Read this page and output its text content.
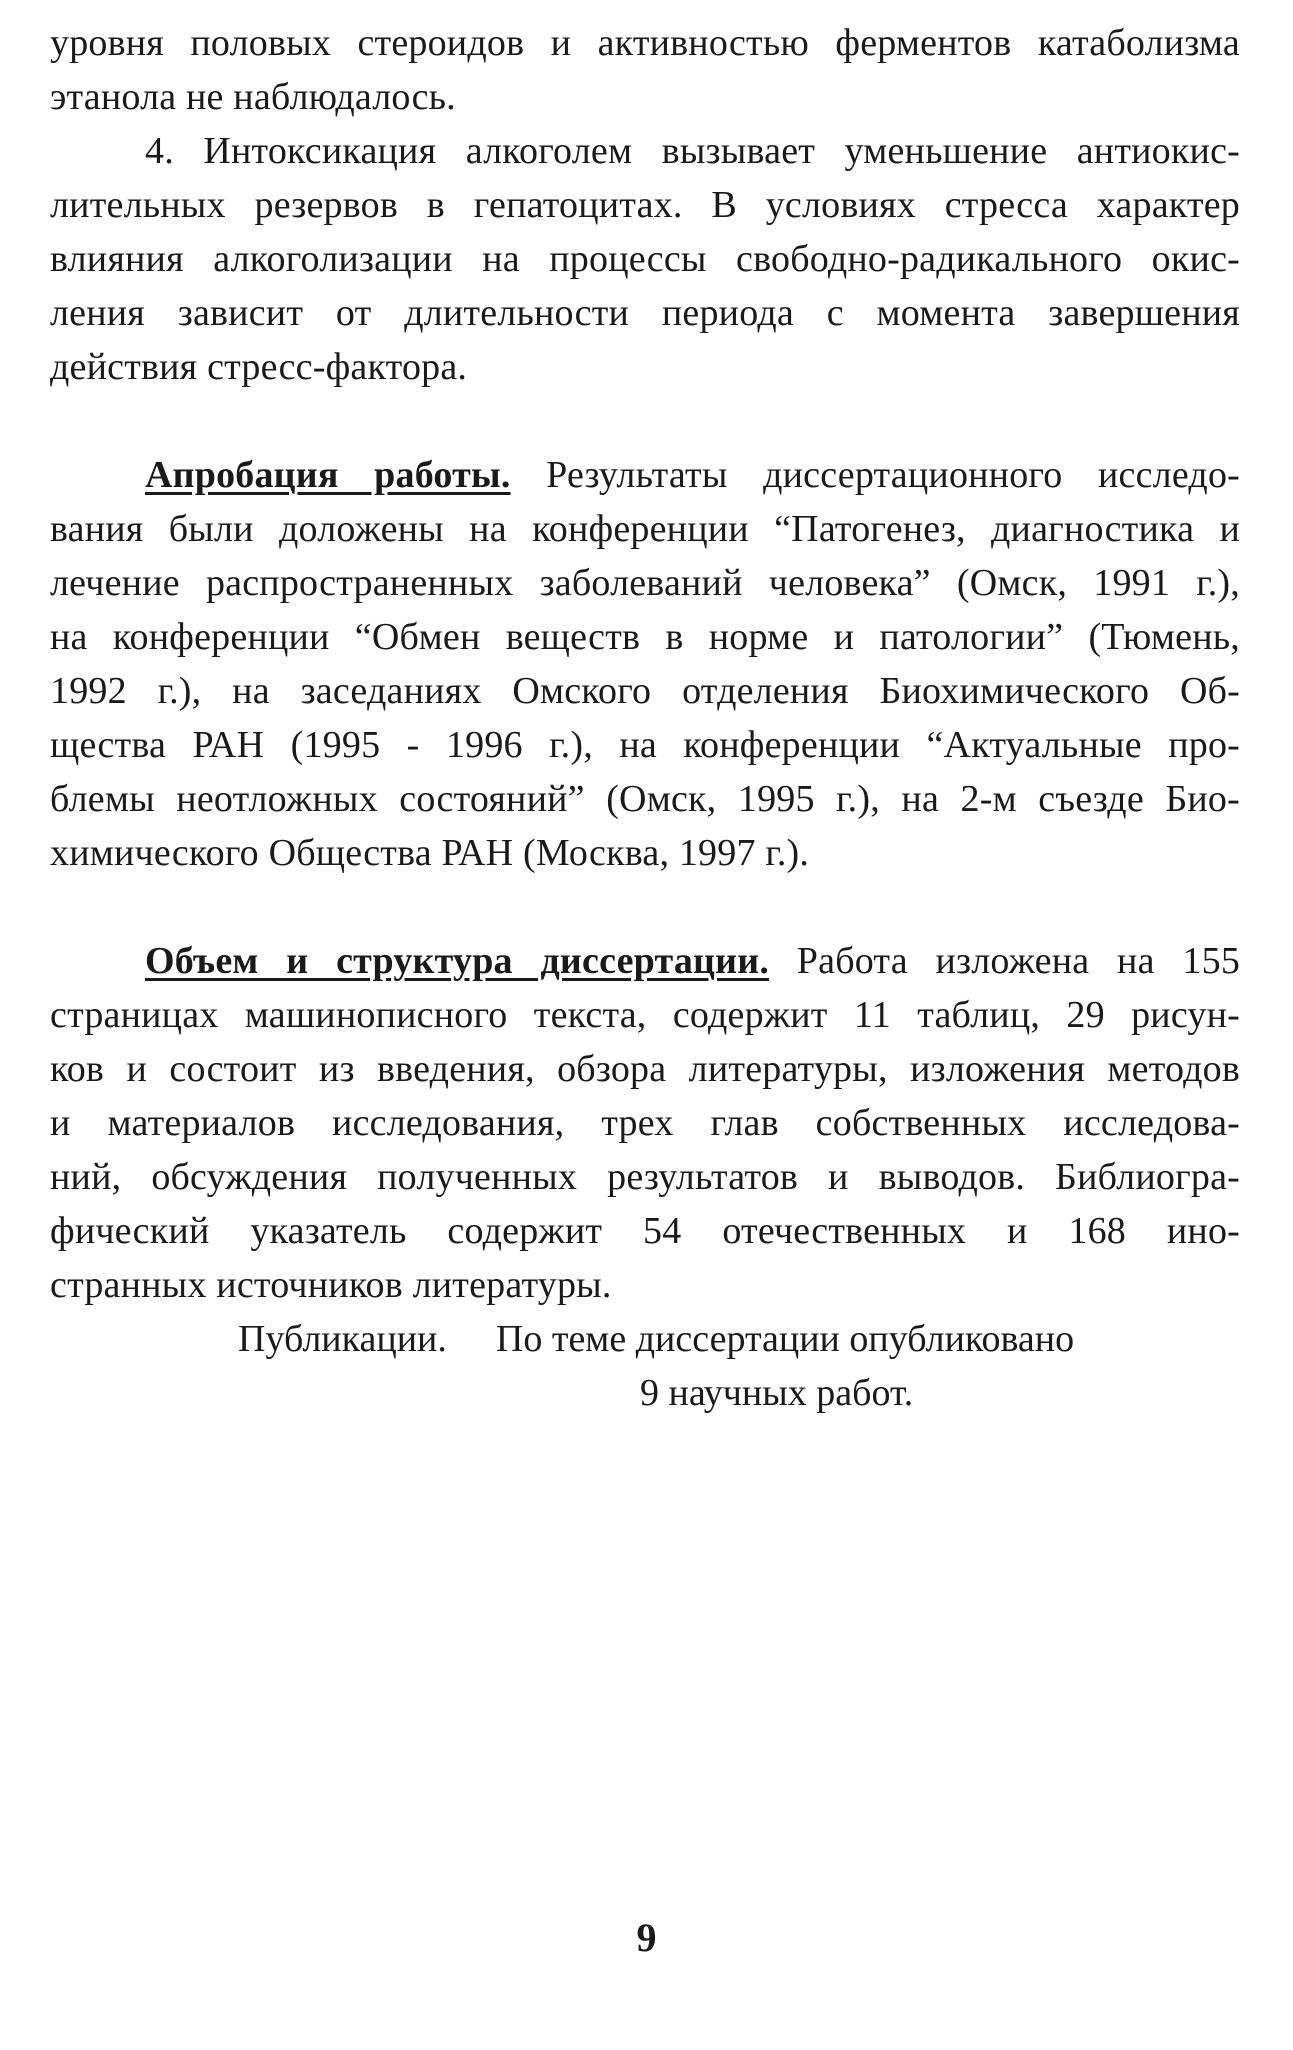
уровня половых стероидов и активностью ферментов катаболизма
этанола не наблюдалось.
4. Интоксикация алкоголем вызывает уменьшение антиокис-
лительных резервов в гепатоцитах. В условиях стресса характер
влияния алкоголизации на процессы свободно-радикального окис-
ления зависит от длительности периода с момента завершения
действия стресс-фактора.
Апробация работы. Результаты диссертационного исследо-
вания были доложены на конференции “Патогенез, диагностика и
лечение распространенных заболеваний человека” (Омск, 1991 г.),
на конференции “Обмен веществ в норме и патологии” (Тюмень,
1992 г.), на заседаниях Омского отделения Биохимического Об-
щества РАН (1995 - 1996 г.), на конференции “Актуальные про-
блемы неотложных состояний” (Омск, 1995 г.), на 2-м съезде Био-
химического Общества РАН (Москва, 1997 г.).
Объем и структура диссертации. Работа изложена на 155
страницах машинописного текста, содержит 11 таблиц, 29 рисун-
ков и состоит из введения, обзора литературы, изложения методов
и материалов исследования, трех глав собственных исследова-
ний, обсуждения полученных результатов и выводов. Библиогра-
фический указатель содержит 54 отечественных и 168 ино-
странных источников литературы.
Публикации. По теме диссертации опубликовано
9 научных работ.
9
